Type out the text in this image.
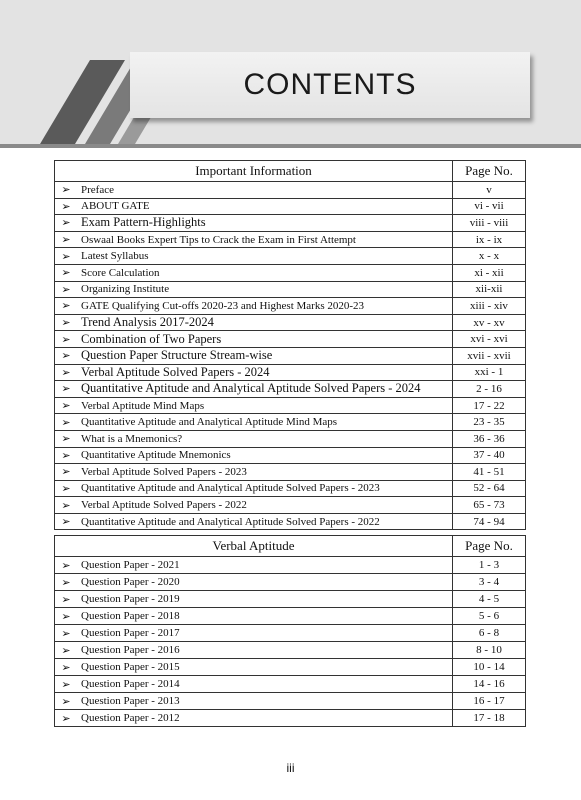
CONTENTS
Important Information		Page No.
➢	Preface	v
➢	ABOUT GATE	vi - vii
➢	Exam Pattern-Highlights	viii - viii
➢	Oswaal Books Expert Tips to Crack the Exam in First Attempt	ix - ix
➢	Latest Syllabus	x - x
➢	Score Calculation	xi - xii
➢	Organizing Institute	xii-xii
➢	GATE Qualifying Cut-offs 2020-23 and Highest Marks 2020-23	xiii - xiv
➢	Trend Analysis 2017-2024	xv - xv
➢	Combination of Two Papers	xvi - xvi
➢	Question Paper Structure Stream-wise	xvii - xvii
➢	Verbal Aptitude Solved Papers - 2024	xxi - 1
➢	Quantitative Aptitude and Analytical Aptitude Solved Papers - 2024	2 - 16
➢	Verbal Aptitude Mind Maps	17 - 22
➢	Quantitative Aptitude and Analytical Aptitude Mind Maps	23 - 35
➢	What is a Mnemonics?	36 - 36
➢	Quantitative Aptitude Mnemonics	37 - 40
➢	Verbal Aptitude Solved Papers - 2023	41 - 51
➢	Quantitative Aptitude and Analytical Aptitude Solved Papers - 2023	52 - 64
➢	Verbal Aptitude Solved Papers - 2022	65 - 73
➢	Quantitative Aptitude and Analytical Aptitude Solved Papers - 2022	74 - 94
Verbal Aptitude		Page No.
➢	Question Paper - 2021	1 - 3
➢	Question Paper - 2020	3 - 4
➢	Question Paper - 2019	4 - 5
➢	Question Paper - 2018	5 - 6
➢	Question Paper - 2017	6 - 8
➢	Question Paper - 2016	8 - 10
➢	Question Paper - 2015	10 - 14
➢	Question Paper - 2014	14 - 16
➢	Question Paper - 2013	16 - 17
➢	Question Paper - 2012	17 - 18
iii
